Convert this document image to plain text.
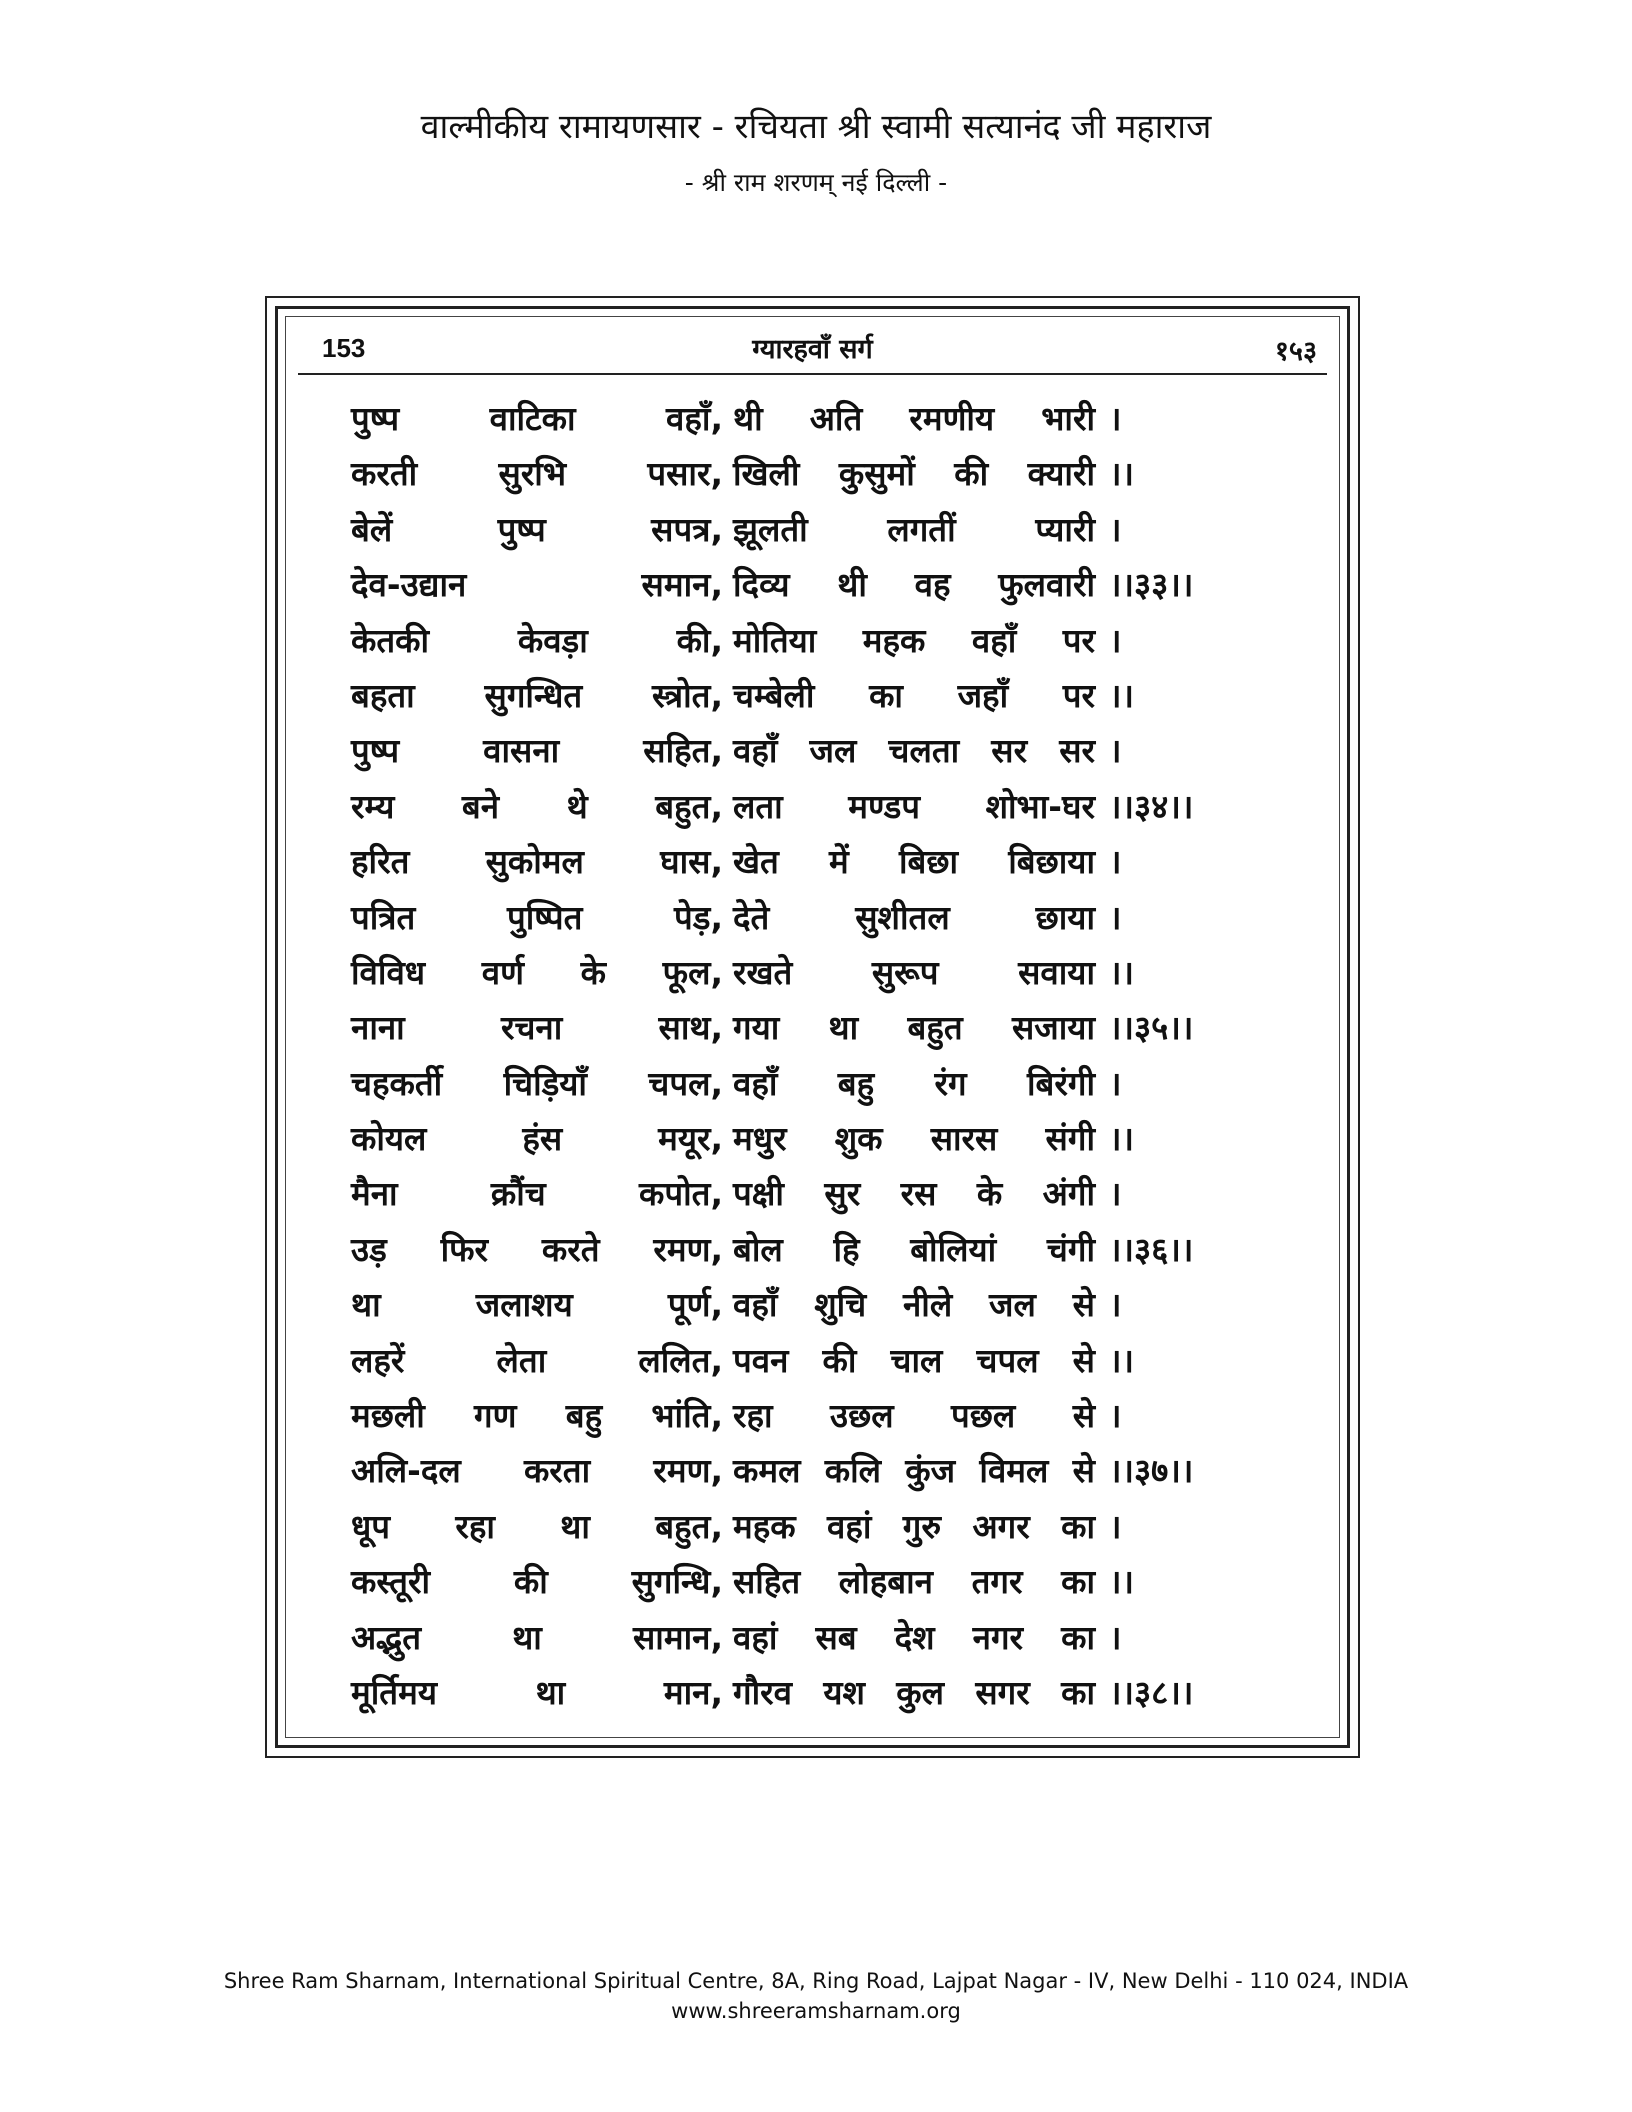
वाल्मीकीय रामायणसार - रचियता श्री स्वामी सत्यानंद जी महाराज
- श्री राम शरणम् नई दिल्ली -
153	ग्यारहवाँ सर्ग	१५३
पुष्प वाटिका वहाँ, थी अति रमणीय भारी ।
करती सुरभि पसार, खिली कुसुमों की क्यारी ।।
बेलें पुष्प सपत्र, झूलती लगतीं प्यारी ।
देव-उद्यान समान, दिव्य थी वह फुलवारी ।।३३।।
केतकी केवड़ा की, मोतिया महक वहाँ पर ।
बहता सुगन्धित स्त्रोत, चम्बेली का जहाँ पर ।।
पुष्प वासना सहित, वहाँ जल चलता सर सर ।
रम्य बने थे बहुत, लता मण्डप शोभा-घर ।।३४।।
हरित सुकोमल घास, खेत में बिछा बिछाया ।
पत्रित पुष्पित पेड़, देते सुशीतल छाया ।
विविध वर्ण के फूल, रखते सुरूप सवाया ।।
नाना रचना साथ, गया था बहुत सजाया ।।३५।।
चहकर्ती चिड़ियाँ चपल, वहाँ बहु रंग बिरंगी ।
कोयल हंस मयूर, मधुर शुक सारस संगी ।।
मैना क्रौंच कपोत, पक्षी सुर रस के अंगी ।
उड़ फिर करते रमण, बोल हि बोलियां चंगी ।।३६।।
था जलाशय पूर्ण, वहाँ शुचि नीले जल से ।
लहरें लेता ललित, पवन की चाल चपल से ।।
मछली गण बहु भांति, रहा उछल पछल से ।
अलि-दल करता रमण, कमल कलि कुंज विमल से ।।३७।।
धूप रहा था बहुत, महक वहां गुरु अगर का ।
कस्तूरी की सुगन्धि, सहित लोहबान तगर का ।।
अद्भुत था सामान, वहां सब देश नगर का ।
मूर्तिमय था मान, गौरव यश कुल सगर का ।।३८।।
Shree Ram Sharnam, International Spiritual Centre, 8A, Ring Road, Lajpat Nagar - IV, New Delhi - 110 024, INDIA
www.shreeramsharnam.org
